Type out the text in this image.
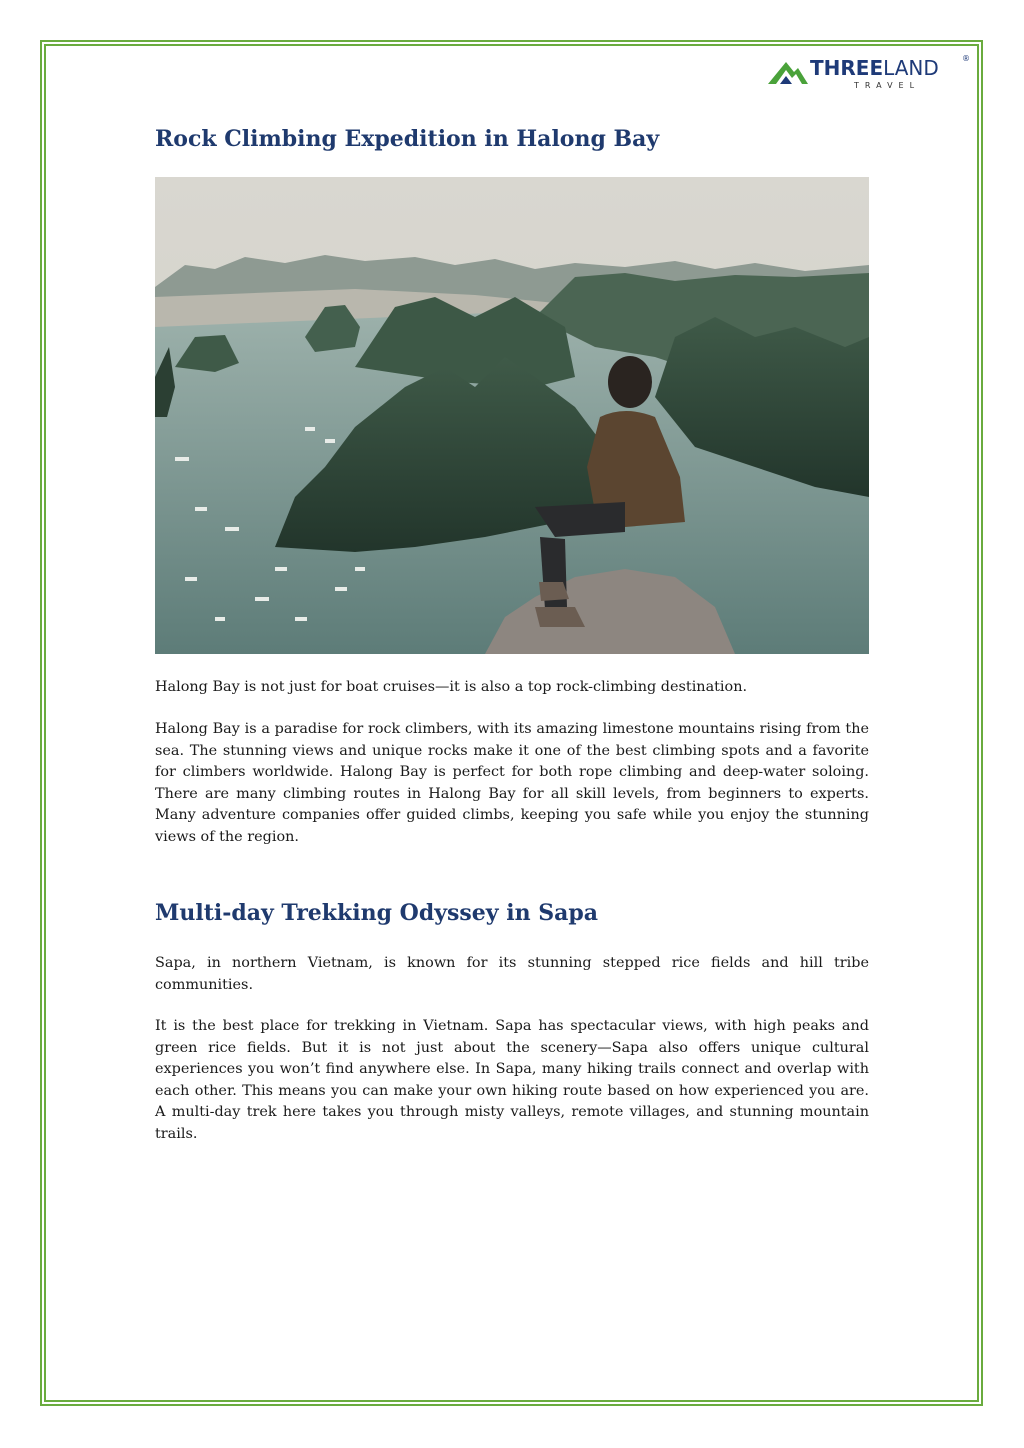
THREELAND	®
TRAVEL
Rock Climbing Expedition in Halong Bay

Halong Bay is not just for boat cruises—it is also a top rock-climbing destination.

Halong Bay is a paradise for rock climbers, with its amazing limestone mountains rising from the sea. The stunning views and unique rocks make it one of the best climbing spots and a favorite for climbers worldwide. Halong Bay is perfect for both rope climbing and deep-water soloing. There are many climbing routes in Halong Bay for all skill levels, from beginners to experts. Many adventure companies offer guided climbs, keeping you safe while you enjoy the stunning views of the region.

Multi-day Trekking Odyssey in Sapa

Sapa, in northern Vietnam, is known for its stunning stepped rice fields and hill tribe communities.

It is the best place for trekking in Vietnam. Sapa has spectacular views, with high peaks and green rice fields. But it is not just about the scenery—Sapa also offers unique cultural experiences you won’t find anywhere else. In Sapa, many hiking trails connect and overlap with each other. This means you can make your own hiking route based on how experienced you are. A multi-day trek here takes you through misty valleys, remote villages, and stunning mountain trails.
